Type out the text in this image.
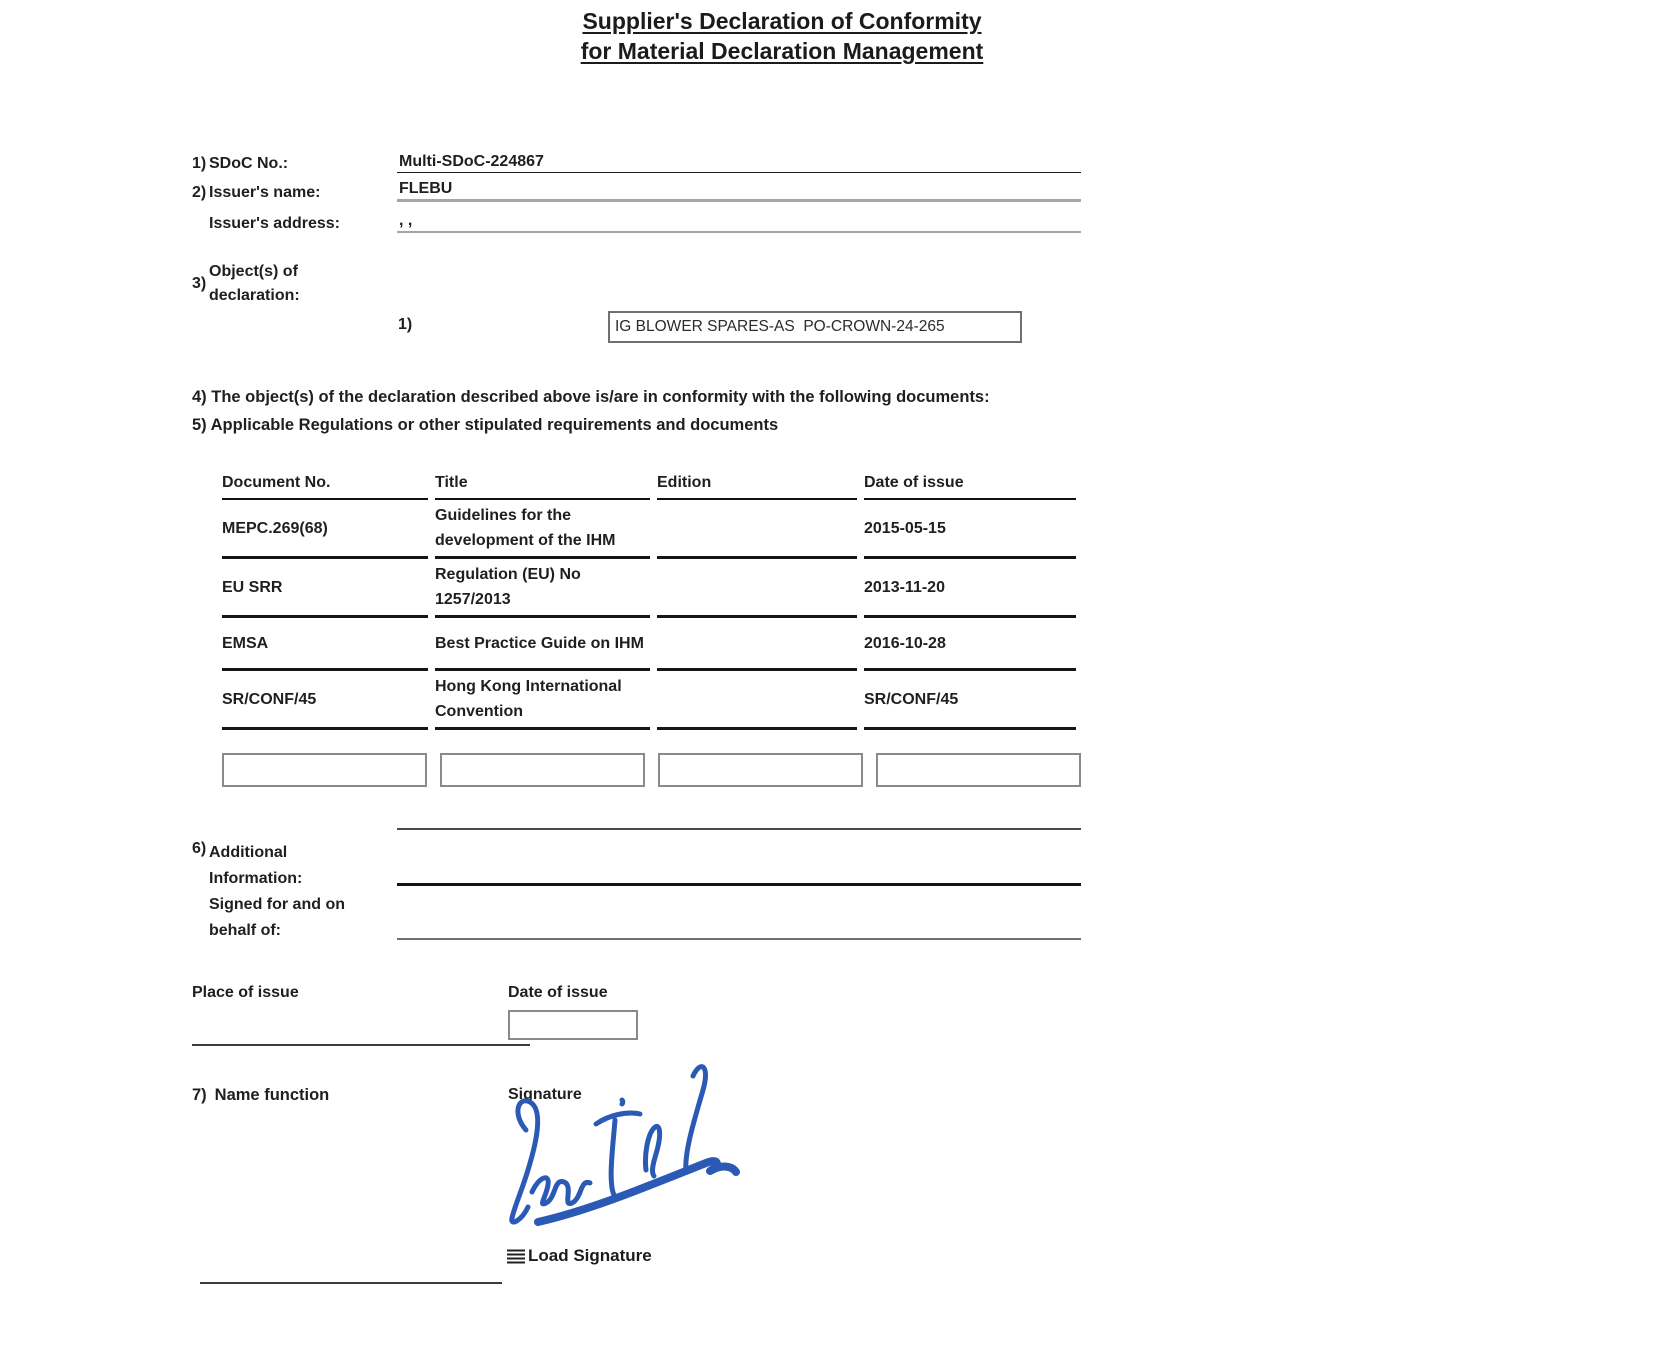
Supplier's Declaration of Conformity
for Material Declaration Management
1) SDoC No.:	Multi-SDoC-224867
2) Issuer's name:	FLEBU
Issuer's address:	, ,
3)
Object(s) of declaration:
1)
IG BLOWER SPARES-AS PO-CROWN-24-265
4) The object(s) of the declaration described above is/are in conformity with the following documents:
5) Applicable Regulations or other stipulated requirements and documents
Document No.	Title	Edition	Date of issue
MEPC.269(68)	Guidelines for the development of the IHM		2015-05-15
EU SRR	Regulation (EU) No 1257/2013		2013-11-20
EMSA	Best Practice Guide on IHM		2016-10-28
SR/CONF/45	Hong Kong International Convention		SR/CONF/45
6) Additional Information:
Signed for and on behalf of:
Place of issue	Date of issue
7) Name function	Signature
Load Signature
